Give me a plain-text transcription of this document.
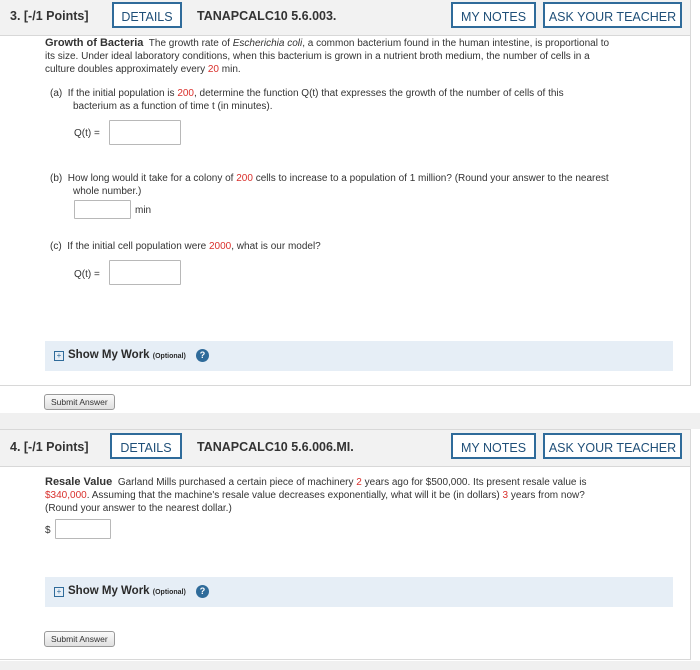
3. [-/1 Points]	DETAILS	TANAPCALC10 5.6.003.	MY NOTES	ASK YOUR TEACHER
Growth of Bacteria The growth rate of Escherichia coli, a common bacterium found in the human intestine, is proportional to
its size. Under ideal laboratory conditions, when this bacterium is grown in a nutrient broth medium, the number of cells in a
culture doubles approximately every 20 min.
(a) If the initial population is 200, determine the function Q(t) that expresses the growth of the number of cells of this
bacterium as a function of time t (in minutes).
Q(t) =
(b) How long would it take for a colony of 200 cells to increase to a population of 1 million? (Round your answer to the nearest
whole number.)
min
(c) If the initial cell population were 2000, what is our model?
Q(t) =
+ Show My Work (Optional)	?
Submit Answer
4. [-/1 Points]	DETAILS	TANAPCALC10 5.6.006.MI.	MY NOTES	ASK YOUR TEACHER
Resale Value Garland Mills purchased a certain piece of machinery 2 years ago for $500,000. Its present resale value is
$340,000. Assuming that the machine's resale value decreases exponentially, what will it be (in dollars) 3 years from now?
(Round your answer to the nearest dollar.)
$
+ Show My Work (Optional)	?
Submit Answer
